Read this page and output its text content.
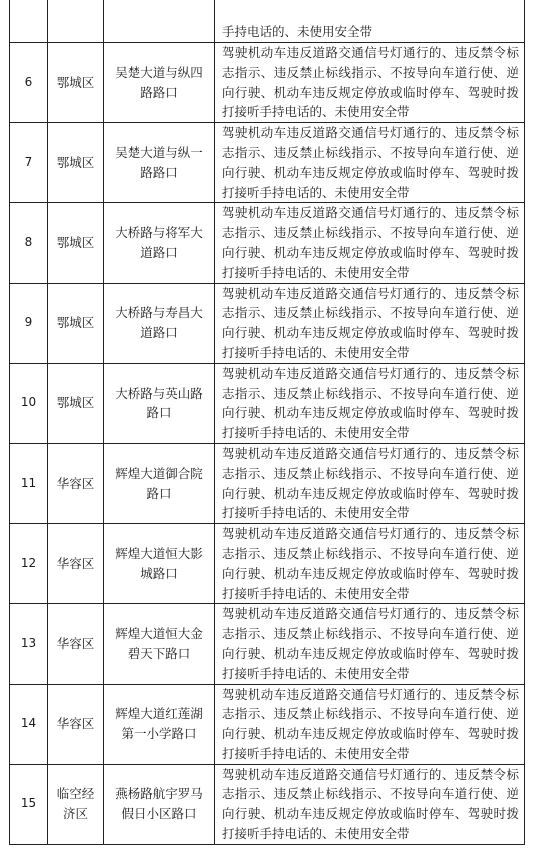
			手持电话的、未使用安全带
6	鄂城区	吴楚大道与纵四路路口	驾驶机动车违反道路交通信号灯通行的、违反禁令标志指示、违反禁止标线指示、不按导向车道行使、逆向行驶、机动车违反规定停放或临时停车、驾驶时拨打接听手持电话的、未使用安全带
7	鄂城区	吴楚大道与纵一路路口	驾驶机动车违反道路交通信号灯通行的、违反禁令标志指示、违反禁止标线指示、不按导向车道行使、逆向行驶、机动车违反规定停放或临时停车、驾驶时拨打接听手持电话的、未使用安全带
8	鄂城区	大桥路与将军大道路口	驾驶机动车违反道路交通信号灯通行的、违反禁令标志指示、违反禁止标线指示、不按导向车道行使、逆向行驶、机动车违反规定停放或临时停车、驾驶时拨打接听手持电话的、未使用安全带
9	鄂城区	大桥路与寿昌大道路口	驾驶机动车违反道路交通信号灯通行的、违反禁令标志指示、违反禁止标线指示、不按导向车道行使、逆向行驶、机动车违反规定停放或临时停车、驾驶时拨打接听手持电话的、未使用安全带
10	鄂城区	大桥路与英山路路口	驾驶机动车违反道路交通信号灯通行的、违反禁令标志指示、违反禁止标线指示、不按导向车道行使、逆向行驶、机动车违反规定停放或临时停车、驾驶时拨打接听手持电话的、未使用安全带
11	华容区	辉煌大道御合院路口	驾驶机动车违反道路交通信号灯通行的、违反禁令标志指示、违反禁止标线指示、不按导向车道行使、逆向行驶、机动车违反规定停放或临时停车、驾驶时拨打接听手持电话的、未使用安全带
12	华容区	辉煌大道恒大影城路口	驾驶机动车违反道路交通信号灯通行的、违反禁令标志指示、违反禁止标线指示、不按导向车道行使、逆向行驶、机动车违反规定停放或临时停车、驾驶时拨打接听手持电话的、未使用安全带
13	华容区	辉煌大道恒大金碧天下路口	驾驶机动车违反道路交通信号灯通行的、违反禁令标志指示、违反禁止标线指示、不按导向车道行使、逆向行驶、机动车违反规定停放或临时停车、驾驶时拨打接听手持电话的、未使用安全带
14	华容区	辉煌大道红莲湖第一小学路口	驾驶机动车违反道路交通信号灯通行的、违反禁令标志指示、违反禁止标线指示、不按导向车道行使、逆向行驶、机动车违反规定停放或临时停车、驾驶时拨打接听手持电话的、未使用安全带
15	临空经济区	燕杨路航宇罗马假日小区路口	驾驶机动车违反道路交通信号灯通行的、违反禁令标志指示、违反禁止标线指示、不按导向车道行使、逆向行驶、机动车违反规定停放或临时停车、驾驶时拨打接听手持电话的、未使用安全带
